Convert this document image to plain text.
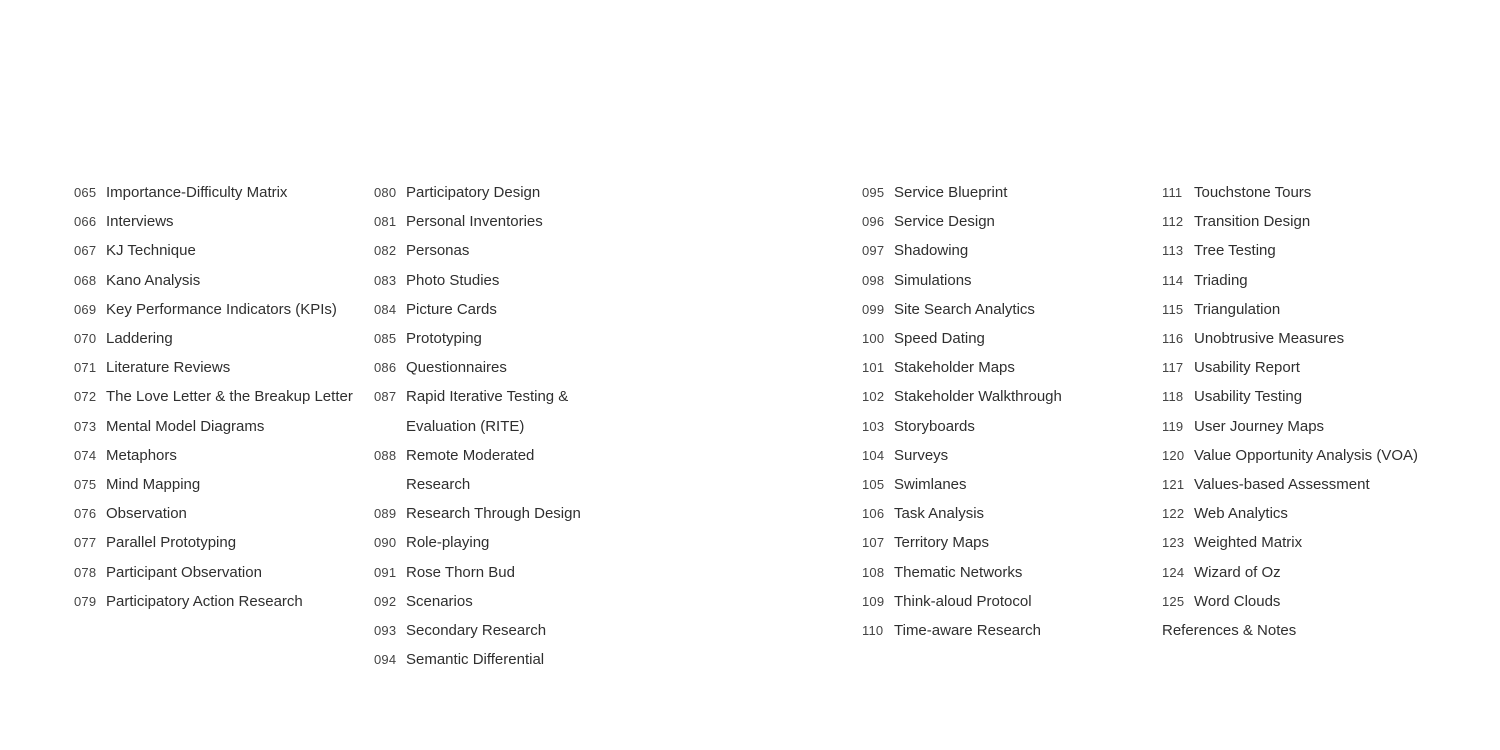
065 Importance-Difficulty Matrix
066 Interviews
067 KJ Technique
068 Kano Analysis
069 Key Performance Indicators (KPIs)
070 Laddering
071 Literature Reviews
072 The Love Letter & the Breakup Letter
073 Mental Model Diagrams
074 Metaphors
075 Mind Mapping
076 Observation
077 Parallel Prototyping
078 Participant Observation
079 Participatory Action Research
080 Participatory Design
081 Personal Inventories
082 Personas
083 Photo Studies
084 Picture Cards
085 Prototyping
086 Questionnaires
087 Rapid Iterative Testing & Evaluation (RITE)
088 Remote Moderated Research
089 Research Through Design
090 Role-playing
091 Rose Thorn Bud
092 Scenarios
093 Secondary Research
094 Semantic Differential
095 Service Blueprint
096 Service Design
097 Shadowing
098 Simulations
099 Site Search Analytics
100 Speed Dating
101 Stakeholder Maps
102 Stakeholder Walkthrough
103 Storyboards
104 Surveys
105 Swimlanes
106 Task Analysis
107 Territory Maps
108 Thematic Networks
109 Think-aloud Protocol
110 Time-aware Research
111 Touchstone Tours
112 Transition Design
113 Tree Testing
114 Triading
115 Triangulation
116 Unobtrusive Measures
117 Usability Report
118 Usability Testing
119 User Journey Maps
120 Value Opportunity Analysis (VOA)
121 Values-based Assessment
122 Web Analytics
123 Weighted Matrix
124 Wizard of Oz
125 Word Clouds
References & Notes
